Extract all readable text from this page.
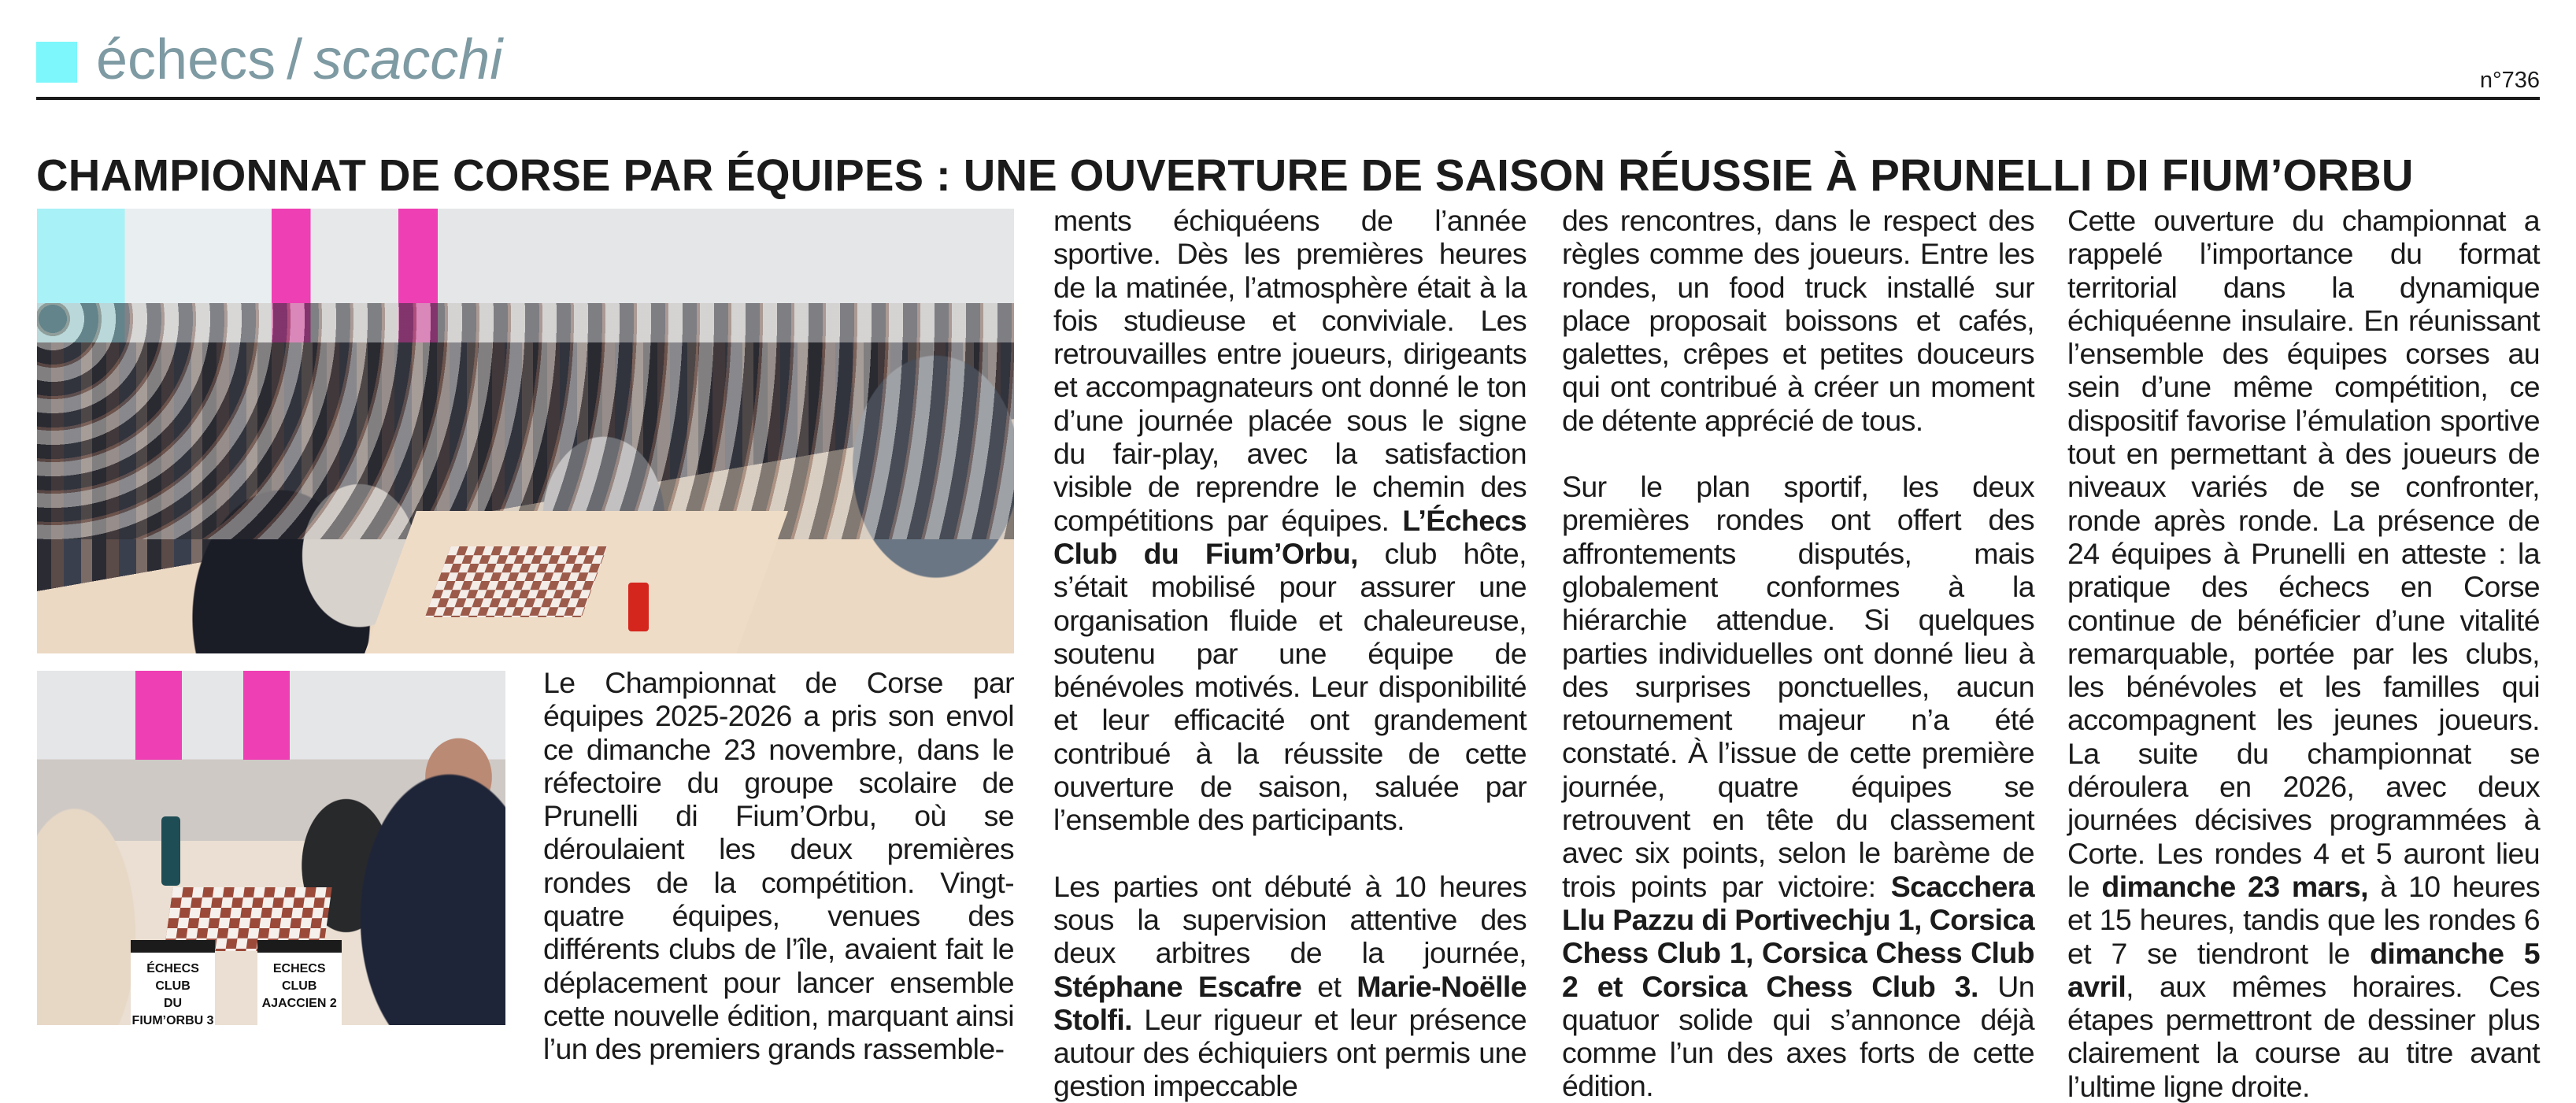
échecs / scacchi	n°736
CHAMPIONNAT DE CORSE PAR ÉQUIPES : UNE OUVERTURE DE SAISON RÉUSSIE À PRUNELLI DI FIUM’ORBU
ÉCHECS CLUB
DU FIUM’ORBU 3
ECHECS CLUB
AJACCIEN 2

Le Championnat de Corse par équipes 2025-2026 a pris son envol ce dimanche 23 novembre, dans le réfectoire du groupe scolaire de Prunelli di Fium’Orbu, où se déroulaient les deux premières rondes de la compétition. Vingt-quatre équipes, venues des différents clubs de l’île, avaient fait le déplacement pour lancer ensemble cette nouvelle édition, marquant ainsi l’un des premiers grands rassemble-

ments échiquéens de l’année sportive. Dès les premières heures de la matinée, l’atmosphère était à la fois studieuse et conviviale. Les retrouvailles entre joueurs, dirigeants et accompagnateurs ont donné le ton d’une journée placée sous le signe du fair-play, avec la satisfaction visible de reprendre le chemin des compétitions par équipes. L’Échecs Club du Fium’Orbu, club hôte, s’était mobilisé pour assurer une organisation fluide et chaleureuse, soutenu par une équipe de bénévoles motivés. Leur disponibilité et leur efficacité ont grandement contribué à la réussite de cette ouverture de saison, saluée par l’ensemble des participants.

Les parties ont débuté à 10 heures sous la supervision attentive des deux arbitres de la journée, Stéphane Escafre et Marie-Noëlle Stolfi. Leur rigueur et leur présence autour des échiquiers ont permis une gestion impeccable

des rencontres, dans le respect des règles comme des joueurs. Entre les rondes, un food truck installé sur place proposait boissons et cafés, galettes, crêpes et petites douceurs qui ont contribué à créer un moment de détente apprécié de tous.

Sur le plan sportif, les deux premières rondes ont offert des affrontements disputés, mais globalement conformes à la hiérarchie attendue. Si quelques parties individuelles ont donné lieu à des surprises ponctuelles, aucun retournement majeur n’a été constaté. À l’issue de cette première journée, quatre équipes se retrouvent en tête du classement avec six points, selon le barème de trois points par victoire: Scacchera Llu Pazzu di Portivechju 1, Corsica Chess Club 1, Corsica Chess Club 2 et Corsica Chess Club 3. Un quatuor solide qui s’annonce déjà comme l’un des axes forts de cette édition.

Cette ouverture du championnat a rappelé l’importance du format territorial dans la dynamique échiquéenne insulaire. En réunissant l’ensemble des équipes corses au sein d’une même compétition, ce dispositif favorise l’émulation sportive tout en permettant à des joueurs de niveaux variés de se confronter, ronde après ronde. La présence de 24 équipes à Prunelli en atteste : la pratique des échecs en Corse continue de bénéficier d’une vitalité remarquable, portée par les clubs, les bénévoles et les familles qui accompagnent les jeunes joueurs. La suite du championnat se déroulera en 2026, avec deux journées décisives programmées à Corte. Les rondes 4 et 5 auront lieu le dimanche 23 mars, à 10 heures et 15 heures, tandis que les rondes 6 et 7 se tiendront le dimanche 5 avril, aux mêmes horaires. Ces étapes permettront de dessiner plus clairement la course au titre avant l’ultime ligne droite.
